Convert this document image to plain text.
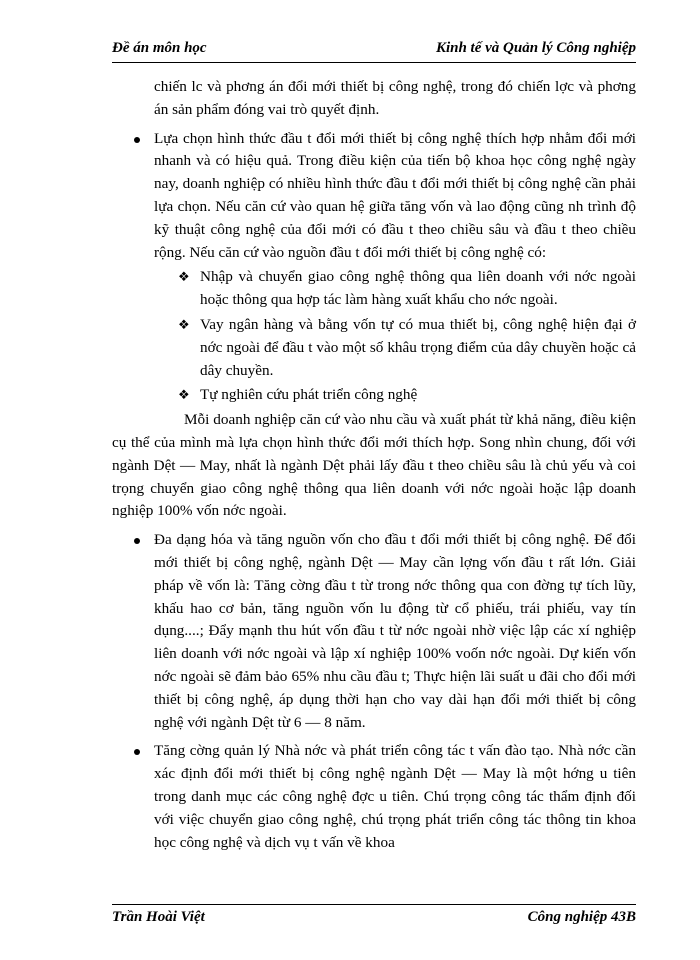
Đề án môn học	Kinh tế và Quản lý Công nghiệp

chiến lc và phơng án đổi mới thiết bị công nghệ, trong đó chiến lợc và phơng án sản phẩm đóng vai trò quyết định.

Lựa chọn hình thức đầu t đổi mới thiết bị công nghệ thích hợp nhằm đổi mới nhanh và có hiệu quả. Trong điều kiện của tiến bộ khoa học công nghệ ngày nay, doanh nghiệp có nhiều hình thức đầu t đổi mới thiết bị công nghệ cần phải lựa chọn. Nếu căn cứ vào quan hệ giữa tăng vốn và lao động cũng nh trình độ kỹ thuật công nghệ của đổi mới có đầu t theo chiều sâu và đầu t theo chiều rộng. Nếu căn cứ vào nguồn đầu t đổi mới thiết bị công nghệ có:

❖ Nhập và chuyển giao công nghệ thông qua liên doanh với nớc ngoài hoặc thông qua hợp tác làm hàng xuất khẩu cho nớc ngoài.

❖ Vay ngân hàng và bằng vốn tự có mua thiết bị, công nghệ hiện đại ở nớc ngoài để đầu t vào một số khâu trọng điểm của dây chuyền hoặc cả dây chuyền.

❖ Tự nghiên cứu phát triển công nghệ

Mỗi doanh nghiệp căn cứ vào nhu cầu và xuất phát từ khả năng, điều kiện cụ thể của mình mà lựa chọn hình thức đổi mới thích hợp. Song nhìn chung, đối với ngành Dệt — May, nhất là ngành Dệt phải lấy đầu t theo chiều sâu là chủ yếu và coi trọng chuyển giao công nghệ thông qua liên doanh với nớc ngoài hoặc lập doanh nghiệp 100% vốn nớc ngoài.

Đa dạng hóa và tăng nguồn vốn cho đầu t đổi mới thiết bị công nghệ. Để đổi mới thiết bị công nghệ, ngành Dệt — May cần lợng vốn đầu t rất lớn. Giải pháp về vốn là: Tăng cờng đầu t từ trong nớc thông qua con đờng tự tích lũy, khấu hao cơ bản, tăng nguồn vốn lu động từ cổ phiếu, trái phiếu, vay tín dụng....; Đẩy mạnh thu hút vốn đầu t từ nớc ngoài nhờ việc lập các xí nghiệp liên doanh với nớc ngoài và lập xí nghiệp 100% voốn nớc ngoài. Dự kiến vốn nớc ngoài sẽ đảm bảo 65% nhu cầu đầu t; Thực hiện lãi suất u đãi cho đổi mới thiết bị công nghệ, áp dụng thời hạn cho vay dài hạn đổi mới thiết bị công nghệ với ngành Dệt từ 6 — 8 năm.

Tăng cờng quản lý Nhà nớc và phát triển công tác t vấn đào tạo. Nhà nớc cần xác định đổi mới thiết bị công nghệ ngành Dệt — May là một hớng u tiên trong danh mục các công nghệ đợc u tiên. Chú trọng công tác thẩm định đối với việc chuyển giao công nghệ, chú trọng phát triển công tác thông tin khoa học công nghệ và dịch vụ t vấn về khoa

Trần Hoài Việt	Công nghiệp 43B
